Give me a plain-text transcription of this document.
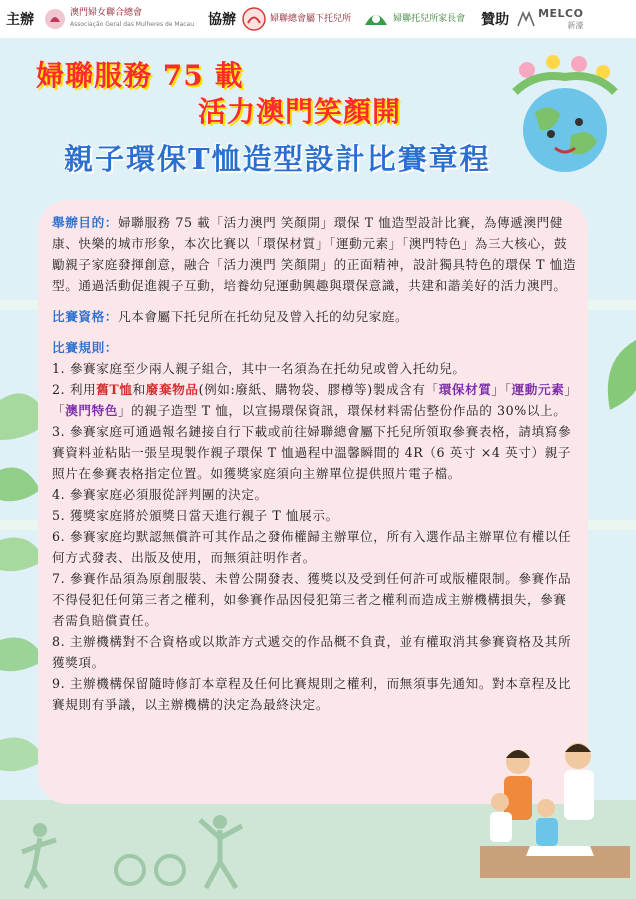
主辦	澳門婦女聯合總會
Associação Geral das Mulheres de Macau 協辦	婦聯總會屬下托兒所	婦聯托兒所家長會 贊助	MELCO
新濠
婦聯服務 75 載
活力澳門笑顏開
親子環保T恤造型設計比賽章程

舉辦目的：婦聯服務 75 載「活力澳門 笑顏開」環保 T 恤造型設計比賽，為傳遞澳門健康、快樂的城市形象，本次比賽以「環保材質」「運動元素」「澳門特色」為三大核心，鼓勵親子家庭發揮創意，融合「活力澳門 笑顏開」的正面精神，設計獨具特色的環保 T 恤造型。通過活動促進親子互動，培養幼兒運動興趣與環保意識，共建和諧美好的活力澳門。

比賽資格：凡本會屬下托兒所在托幼兒及曾入托的幼兒家庭。

比賽規則：

1. 參賽家庭至少兩人親子組合，其中一名須為在托幼兒或曾入托幼兒。

2. 利用舊T恤和廢棄物品(例如:廢紙、購物袋、膠樽等)製成含有「環保材質」「運動元素」「澳門特色」的親子造型 T 恤，以宣揚環保資訊，環保材料需佔整份作品的 30%以上。

3. 參賽家庭可通過報名鏈接自行下載或前往婦聯總會屬下托兒所領取參賽表格，請填寫參賽資料並粘貼一張呈現製作親子環保 T 恤過程中溫馨瞬間的 4R（6 英寸 ×4 英寸）親子照片在參賽表格指定位置。如獲獎家庭須向主辦單位提供照片電子檔。

4. 參賽家庭必須服從評判團的決定。

5. 獲獎家庭將於頒獎日當天進行親子 T 恤展示。

6. 參賽家庭均默認無償許可其作品之發佈權歸主辦單位，所有入選作品主辦單位有權以任何方式發表、出版及使用，而無須註明作者。

7. 參賽作品須為原創服裝、未曾公開發表、獲獎以及受到任何許可或版權限制。參賽作品不得侵犯任何第三者之權利，如參賽作品因侵犯第三者之權利而造成主辦機構損失，參賽者需負賠償責任。

8. 主辦機構對不合資格或以欺詐方式遞交的作品概不負責，並有權取消其參賽資格及其所獲獎項。

9. 主辦機構保留隨時修訂本章程及任何比賽規則之權利，而無須事先通知。對本章程及比賽規則有爭議，以主辦機構的決定為最終決定。
